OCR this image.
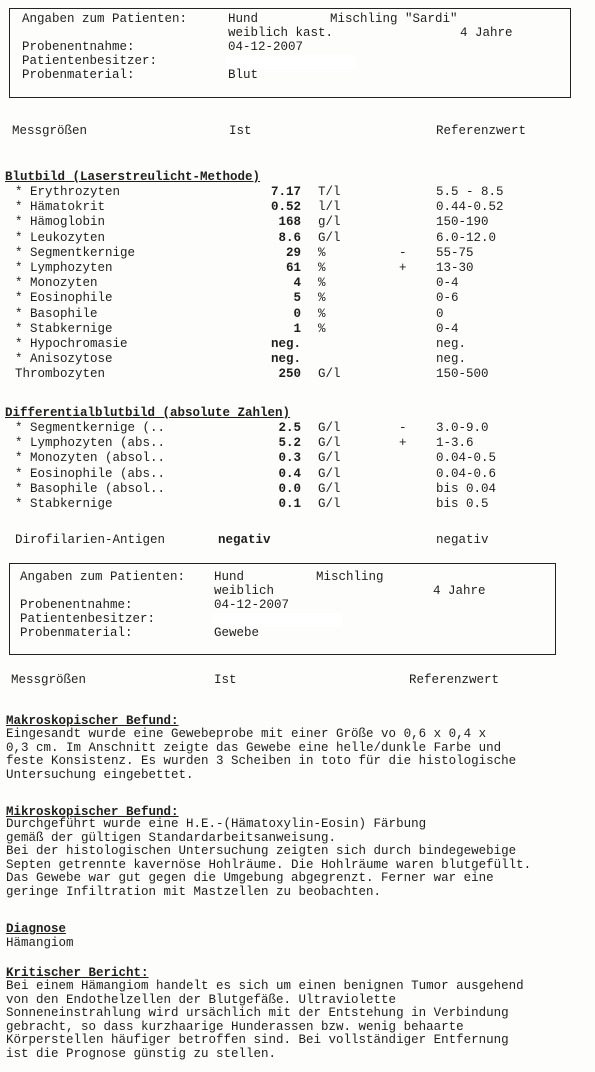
Angaben zum Patienten:	Hund	Mischling "Sardi"
weiblich kast.	4 Jahre
Probenentnahme:	04-12-2007
Patientenbesitzer:
Probenmaterial:	Blut
Messgrößen	Ist	Referenzwert
Blutbild (Laserstreulicht-Methode)
* Erythrozyten	7.17 T/l	5.5 - 8.5
* Hämatokrit	0.52 l/l	0.44-0.52
* Hämoglobin	168 g/l	150-190
* Leukozyten	8.6 G/l	6.0-12.0
* Segmentkernige	29 %	- 55-75
* Lymphozyten	61 %	+ 13-30
* Monozyten	4 %	0-4
* Eosinophile	5 %	0-6
* Basophile	0 %	0
* Stabkernige	1 %	0-4
* Hypochromasie	neg.	neg.
* Anisozytose	neg.	neg.
Thrombozyten	250 G/l	150-500
Differentialblutbild (absolute Zahlen)
* Segmentkernige (..	2.5 G/l	- 3.0-9.0
* Lymphozyten (abs..	5.2 G/l	+ 1-3.6
* Monozyten (absol..	0.3 G/l	0.04-0.5
* Eosinophile (abs..	0.4 G/l	0.04-0.6
* Basophile (absol..	0.0 G/l	bis 0.04
* Stabkernige	0.1 G/l	bis 0.5
Dirofilarien-Antigen	negativ	negativ
Angaben zum Patienten: Hund	Mischling
weiblich	4 Jahre
Probenentnahme:	04-12-2007
Patientenbesitzer:
Probenmaterial:	Gewebe
Messgrößen	Ist	Referenzwert
Makroskopischer Befund:
Eingesandt wurde eine Gewebeprobe mit einer Größe vo 0,6 x 0,4 x
0,3 cm. Im Anschnitt zeigte das Gewebe eine helle/dunkle Farbe und
feste Konsistenz. Es wurden 3 Scheiben in toto für die histologische
Untersuchung eingebettet.
Mikroskopischer Befund:
Durchgeführt wurde eine H.E.-(Hämatoxylin-Eosin) Färbung
gemäß der gültigen Standardarbeitsanweisung.
Bei der histologischen Untersuchung zeigten sich durch bindegewebige
Septen getrennte kavernöse Hohlräume. Die Hohlräume waren blutgefüllt.
Das Gewebe war gut gegen die Umgebung abgegrenzt. Ferner war eine
geringe Infiltration mit Mastzellen zu beobachten.
Diagnose
Hämangiom
Kritischer Bericht:
Bei einem Hämangiom handelt es sich um einen benignen Tumor ausgehend
von den Endothelzellen der Blutgefäße. Ultraviolette
Sonneneinstrahlung wird ursächlich mit der Entstehung in Verbindung
gebracht, so dass kurzhaarige Hunderassen bzw. wenig behaarte
Körperstellen häufiger betroffen sind. Bei vollständiger Entfernung
ist die Prognose günstig zu stellen.
